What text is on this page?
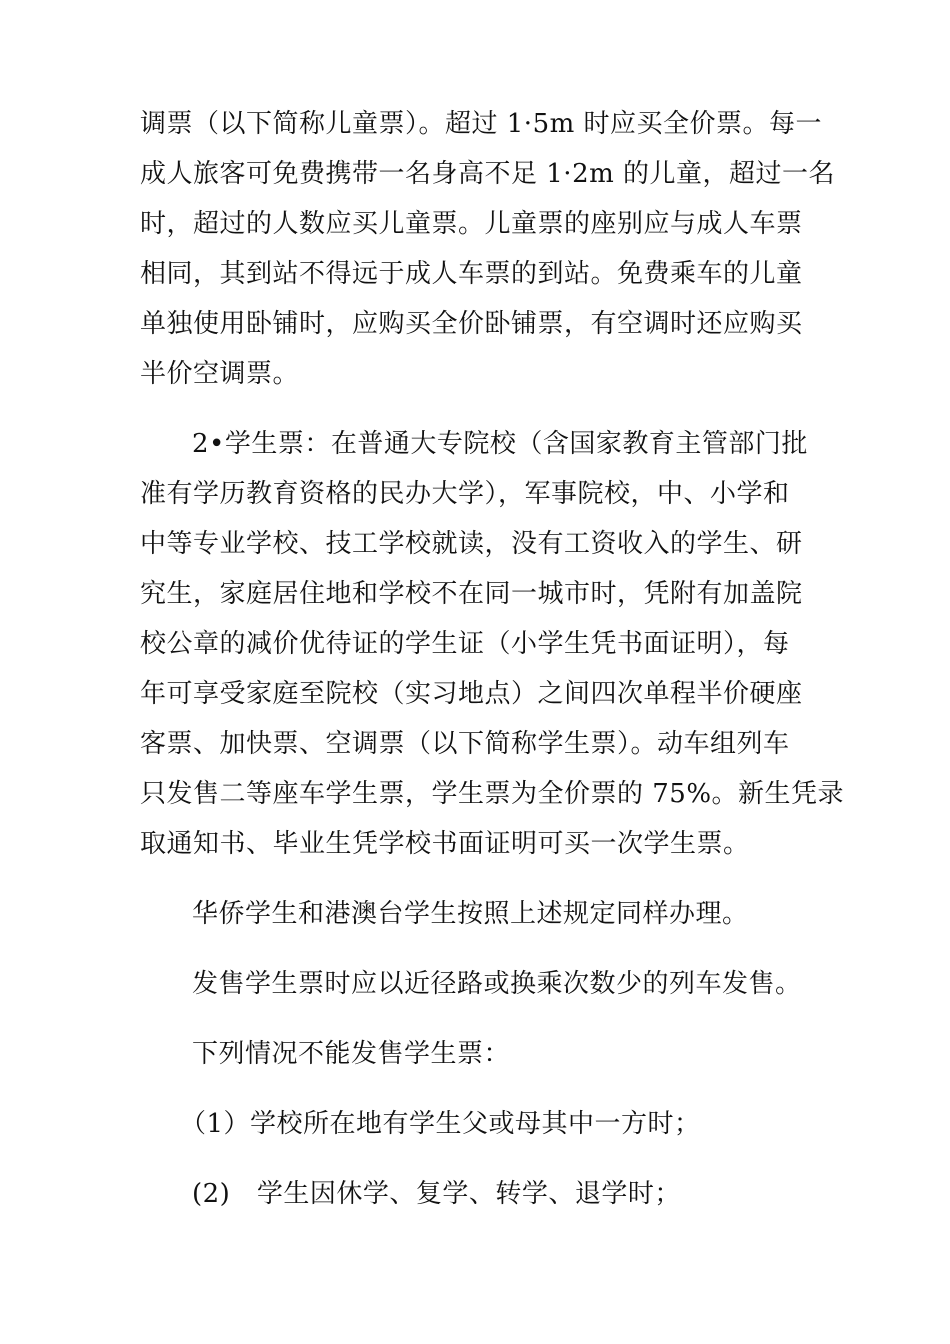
调票（以下简称儿童票）。超过 1·5m 时应买全价票。每一
成人旅客可免费携带一名身高不足 1·2m 的儿童，超过一名
时，超过的人数应买儿童票。儿童票的座别应与成人车票
相同，其到站不得远于成人车票的到站。免费乘车的儿童
单独使用卧铺时，应购买全价卧铺票，有空调时还应购买
半价空调票。
2•学生票：在普通大专院校（含国家教育主管部门批
准有学历教育资格的民办大学），军事院校，中、小学和
中等专业学校、技工学校就读，没有工资收入的学生、研
究生，家庭居住地和学校不在同一城市时，凭附有加盖院
校公章的减价优待证的学生证（小学生凭书面证明），每
年可享受家庭至院校（实习地点）之间四次单程半价硬座
客票、加快票、空调票（以下简称学生票）。动车组列车
只发售二等座车学生票，学生票为全价票的 75%。新生凭录
取通知书、毕业生凭学校书面证明可买一次学生票。
华侨学生和港澳台学生按照上述规定同样办理。
发售学生票时应以近径路或换乘次数少的列车发售。
下列情况不能发售学生票：
（1）学校所在地有学生父或母其中一方时；
(2)　学生因休学、复学、转学、退学时；
